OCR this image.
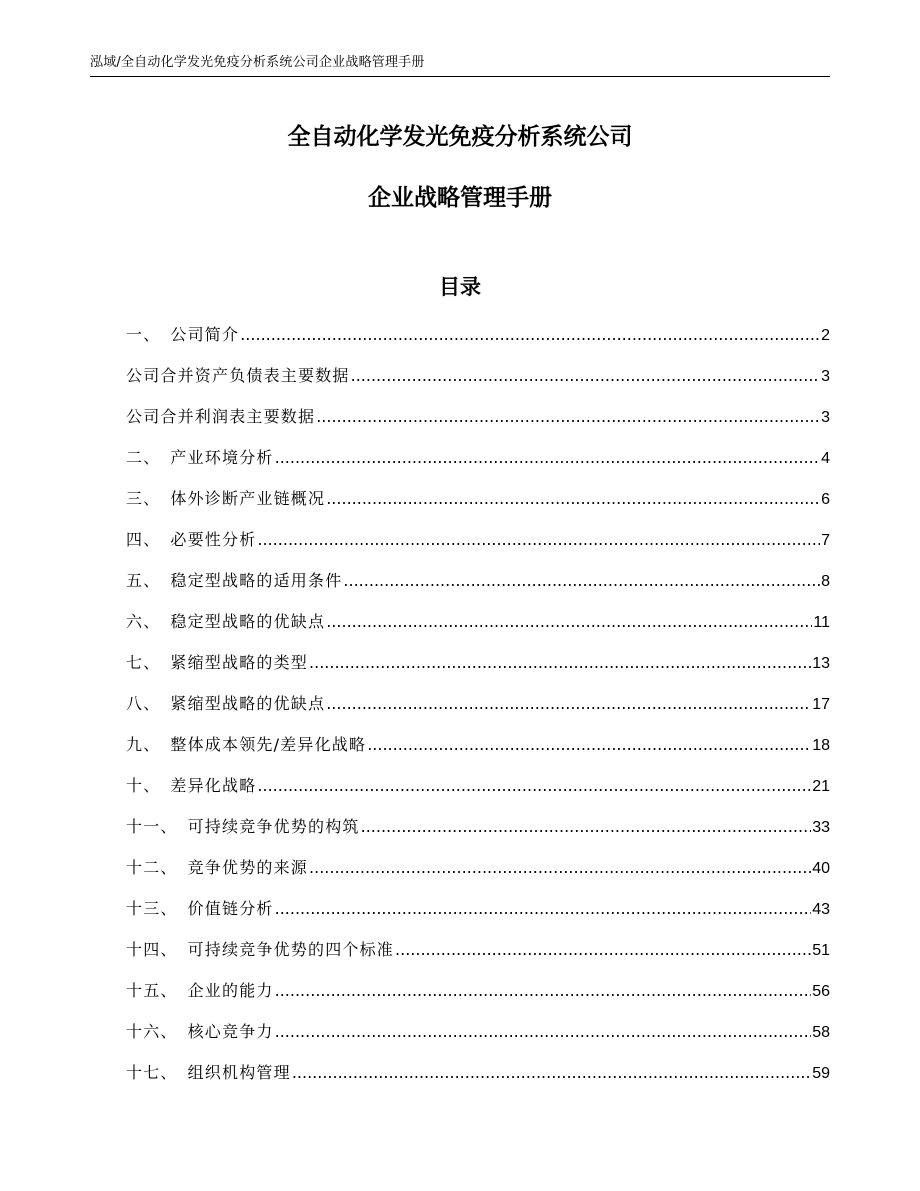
泓域/全自动化学发光免疫分析系统公司企业战略管理手册
全自动化学发光免疫分析系统公司
企业战略管理手册
目录
一、 公司简介 .....	2
公司合并资产负债表主要数据 .....	3
公司合并利润表主要数据 .....	3
二、 产业环境分析 .....	4
三、 体外诊断产业链概况 .....	6
四、 必要性分析 .....	7
五、 稳定型战略的适用条件 .....	8
六、 稳定型战略的优缺点 .....	11
七、 紧缩型战略的类型 .....	13
八、 紧缩型战略的优缺点 .....	17
九、 整体成本领先/差异化战略 .....	18
十、 差异化战略 .....	21
十一、 可持续竞争优势的构筑 .....	33
十二、 竞争优势的来源 .....	40
十三、 价值链分析 .....	43
十四、 可持续竞争优势的四个标准 .....	51
十五、 企业的能力 .....	56
十六、 核心竞争力 .....	58
十七、 组织机构管理 .....	59
